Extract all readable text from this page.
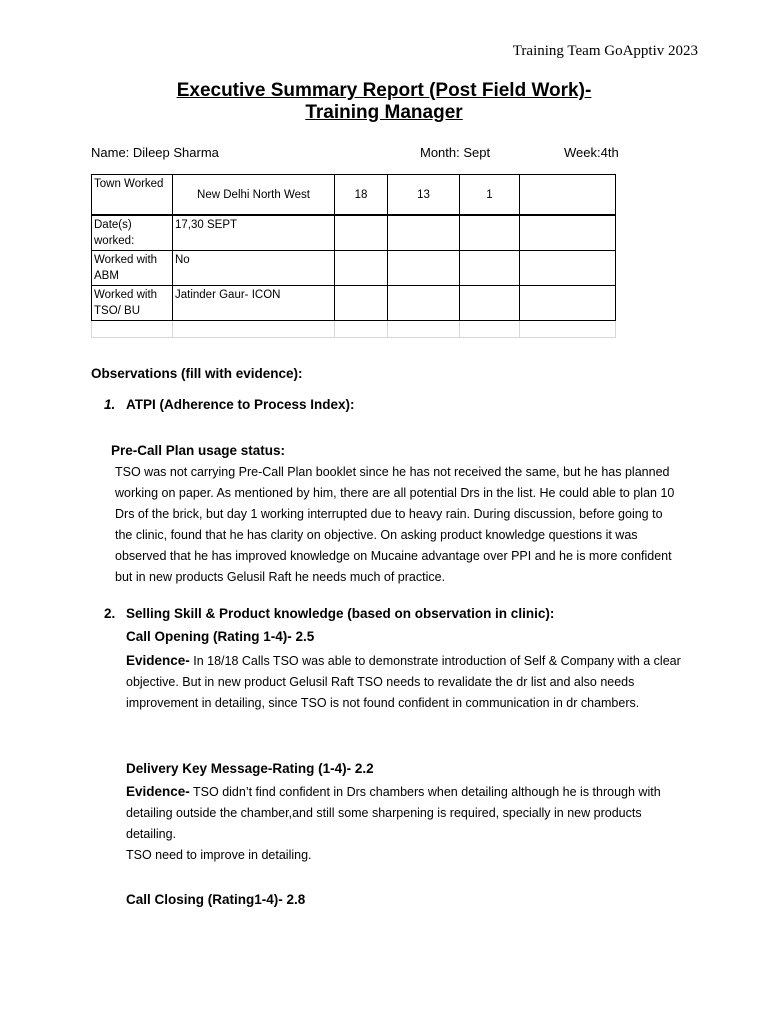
Training Team GoApptiv 2023
Executive Summary Report (Post Field Work)-
Training Manager
Name: Dileep Sharma	Month: Sept	Week:4th
Town Worked	New Delhi North West	18	13	1	
Date(s) worked:	17,30 SEPT				
Worked with ABM	No				
Worked with TSO/ BU	Jatinder Gaur- ICON				

Observations (fill with evidence):
1. ATPI (Adherence to Process Index):
Pre-Call Plan usage status:
TSO was not carrying Pre-Call Plan booklet since he has not received the same, but he has planned working on paper. As mentioned by him, there are all potential Drs in the list. He could able to plan 10 Drs of the brick, but day 1 working interrupted due to heavy rain. During discussion, before going to the clinic, found that he has clarity on objective. On asking product knowledge questions it was observed that he has improved knowledge on Mucaine advantage over PPI and he is more confident but in new products Gelusil Raft he needs much of practice.
2. Selling Skill & Product knowledge (based on observation in clinic):
Call Opening (Rating 1-4)- 2.5
Evidence- In 18/18 Calls TSO was able to demonstrate introduction of Self & Company with a clear objective. But in new product Gelusil Raft TSO needs to revalidate the dr list and also needs improvement in detailing, since TSO is not found confident in communication in dr chambers.
Delivery Key Message-Rating (1-4)- 2.2
Evidence- TSO didn’t find confident in Drs chambers when detailing although he is through with detailing outside the chamber,and still some sharpening is required, specially in new products detailing.
TSO need to improve in detailing.
Call Closing (Rating1-4)- 2.8
